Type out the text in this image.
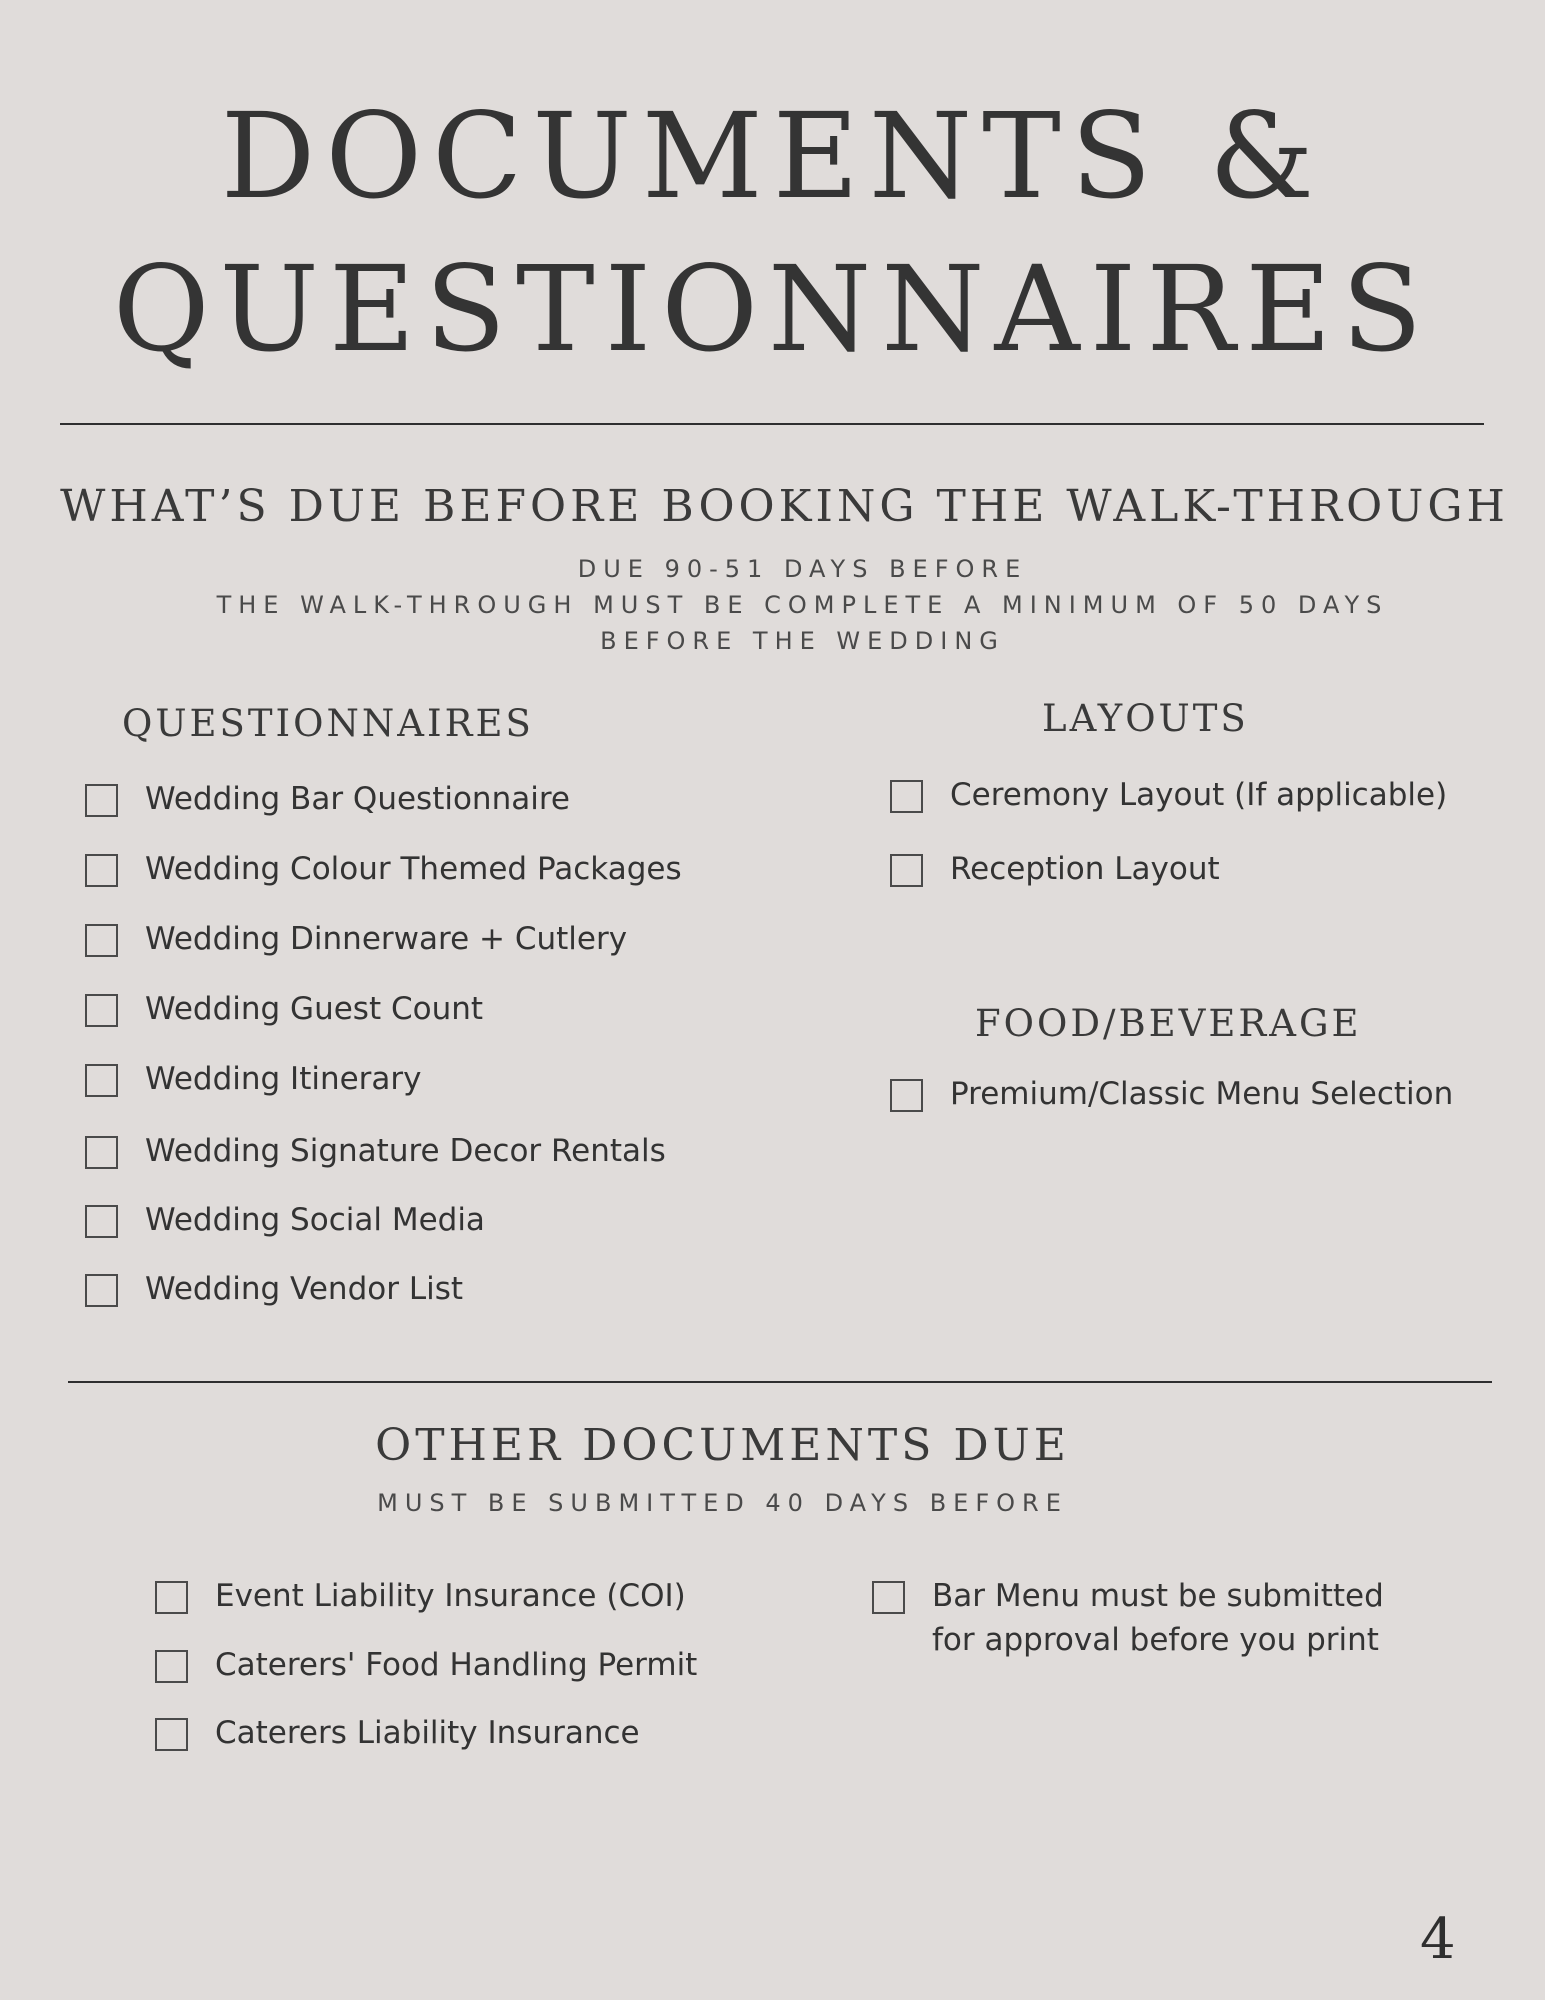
DOCUMENTS &
QUESTIONNAIRES
WHAT’S DUE BEFORE BOOKING THE WALK-THROUGH
DUE 90-51 DAYS BEFORE
THE WALK-THROUGH MUST BE COMPLETE A MINIMUM OF 50 DAYS
BEFORE THE WEDDING
QUESTIONNAIRES
Wedding Bar Questionnaire
Wedding Colour Themed Packages
Wedding Dinnerware + Cutlery
Wedding Guest Count
Wedding Itinerary
Wedding Signature Decor Rentals
Wedding Social Media
Wedding Vendor List
LAYOUTS
Ceremony Layout (If applicable)
Reception Layout
FOOD/BEVERAGE
Premium/Classic Menu Selection
OTHER DOCUMENTS DUE
MUST BE SUBMITTED 40 DAYS BEFORE
Event Liability Insurance (COI)
Caterers' Food Handling Permit
Caterers Liability Insurance
Bar Menu must be submitted for approval before you print
4
